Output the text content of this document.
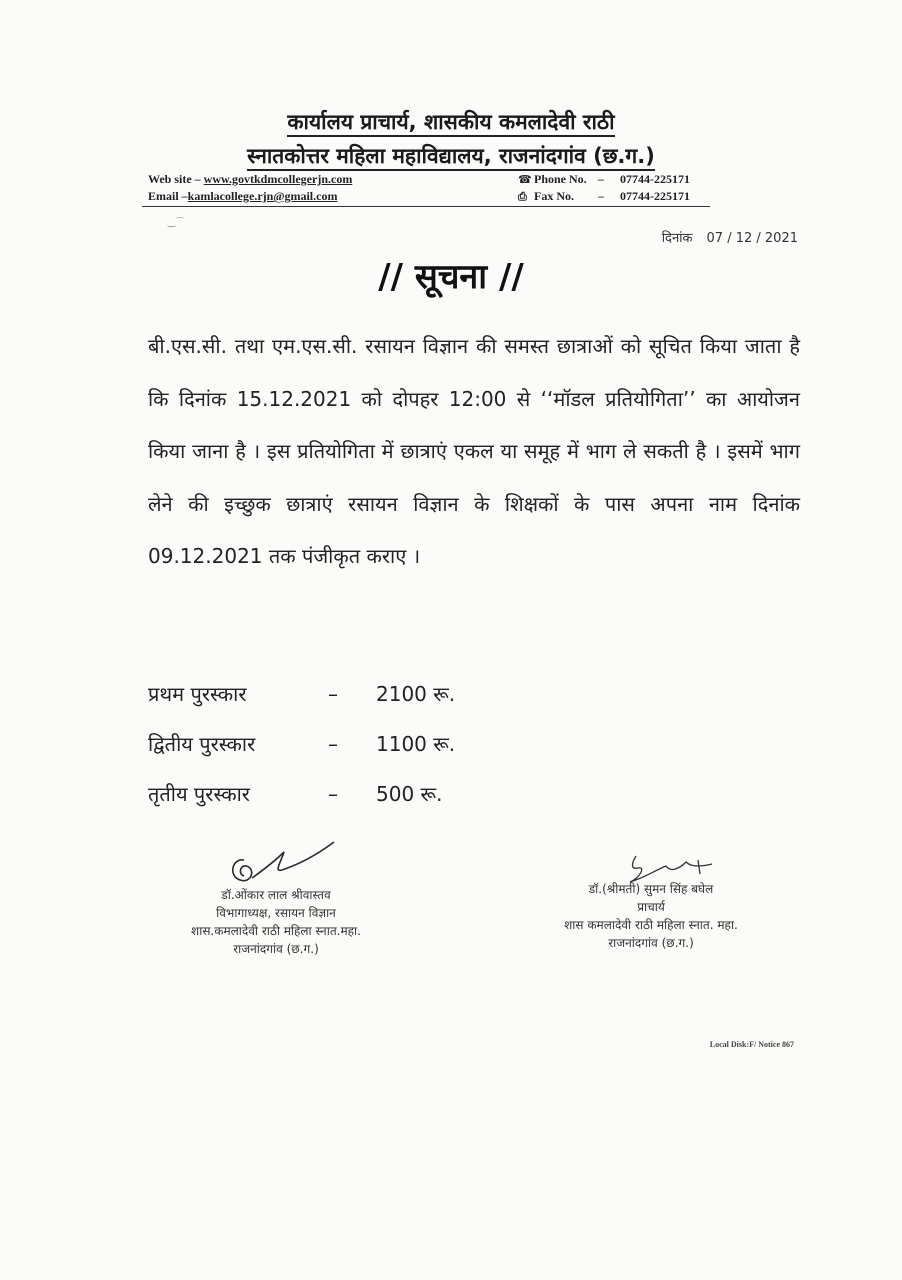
कार्यालय प्राचार्य, शासकीय कमलादेवी राठी
स्नातकोत्तर महिला महाविद्यालय, राजनांदगांव (छ.ग.)
Web site – www.govtkdmcollegerjn.com
Email –kamlacollege.rjn@gmail.com
☎ Phone No. – 07744-225171
⎙ Fax No. – 07744-225171
‿⌒
दिनांक 07 / 12 / 2021
// सूचना //
बी.एस.सी. तथा एम.एस.सी. रसायन विज्ञान की समस्त छात्राओं को सूचित किया जाता है कि दिनांक 15.12.2021 को दोपहर 12:00 से ‘‘मॉडल प्रतियोगिता’’ का आयोजन किया जाना है । इस प्रतियोगिता में छात्राएं एकल या समूह में भाग ले सकती है । इसमें भाग लेने की इच्छुक छात्राएं रसायन विज्ञान के शिक्षकों के पास अपना नाम दिनांक 09.12.2021 तक पंजीकृत कराए ।
प्रथम पुरस्कार	– 2100 रू.
द्वितीय पुरस्कार	– 1100 रू.
तृतीय पुरस्कार	– 500 रू.
डॉ.ओंकार लाल श्रीवास्तव
विभागाध्यक्ष, रसायन विज्ञान
शास.कमलादेवी राठी महिला स्नात.महा.
राजनांदगांव (छ.ग.)
डॉ.(श्रीमती) सुमन सिंह बघेल
प्राचार्य
शास कमलादेवी राठी महिला स्नात. महा.
राजनांदगांव (छ.ग.)
Local Disk:F/ Notice 867
